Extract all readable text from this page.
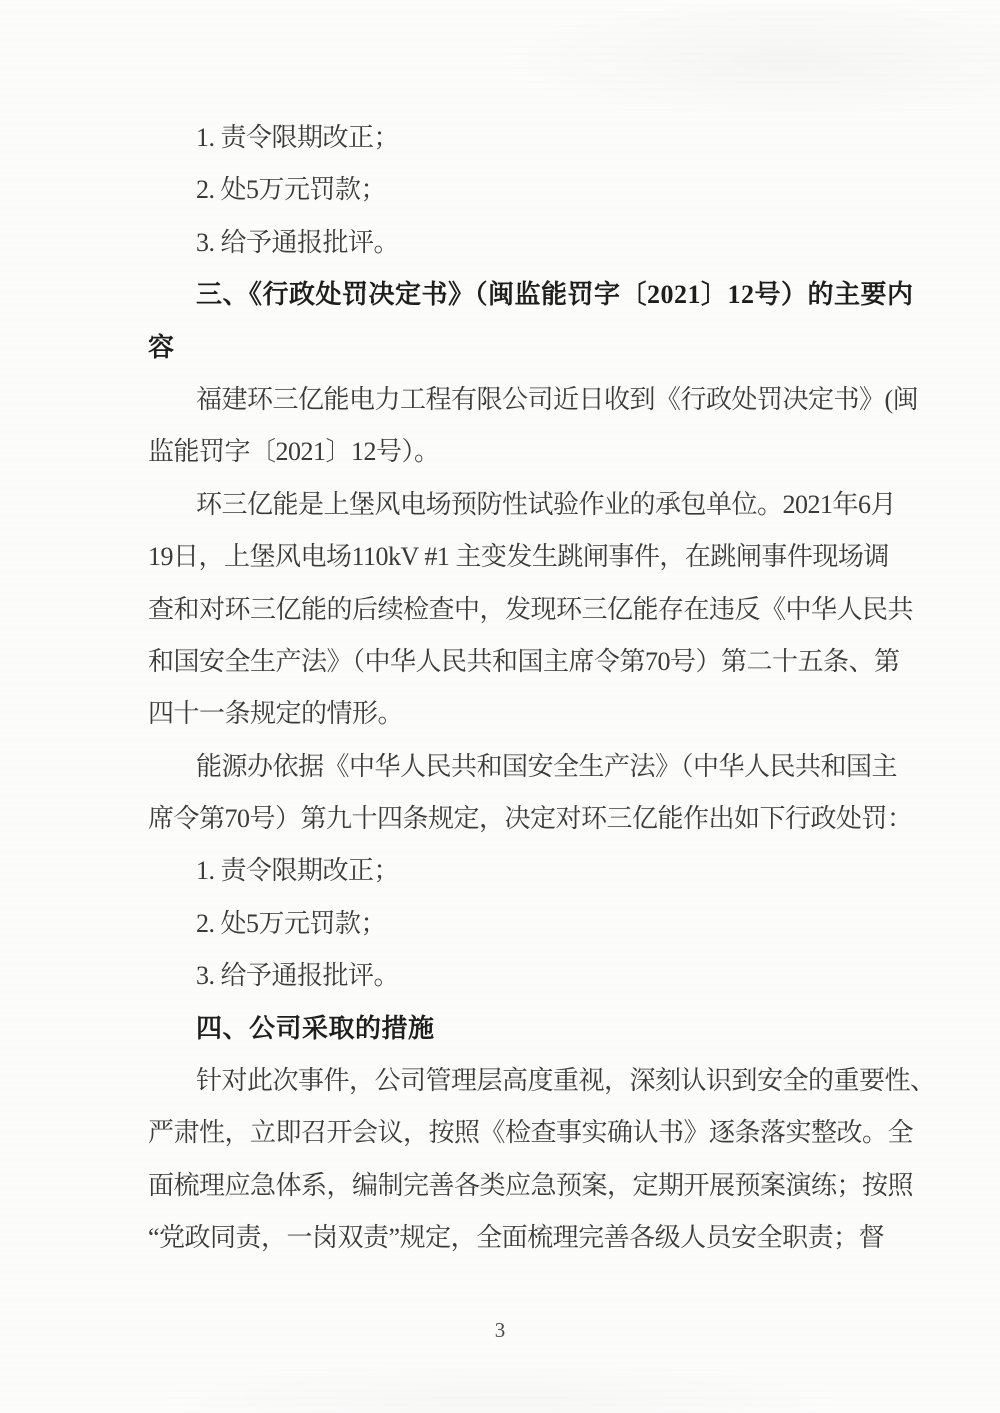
1. 责令限期改正；
2. 处5万元罚款；
3. 给予通报批评。
三、《行政处罚决定书》（闽监能罚字〔2021〕12号）的主要内
容
福建环三亿能电力工程有限公司近日收到《行政处罚决定书》(闽
监能罚字〔2021〕12号）。
环三亿能是上堡风电场预防性试验作业的承包单位。2021年6月
19日，上堡风电场110kV #1 主变发生跳闸事件，在跳闸事件现场调
查和对环三亿能的后续检查中，发现环三亿能存在违反《中华人民共
和国安全生产法》（中华人民共和国主席令第70号）第二十五条、第
四十一条规定的情形。
能源办依据《中华人民共和国安全生产法》（中华人民共和国主
席令第70号）第九十四条规定，决定对环三亿能作出如下行政处罚：
1. 责令限期改正；
2. 处5万元罚款；
3. 给予通报批评。
四、公司采取的措施
针对此次事件，公司管理层高度重视，深刻认识到安全的重要性、
严肃性，立即召开会议，按照《检查事实确认书》逐条落实整改。全
面梳理应急体系，编制完善各类应急预案，定期开展预案演练；按照
“党政同责，一岗双责”规定，全面梳理完善各级人员安全职责；督
3
